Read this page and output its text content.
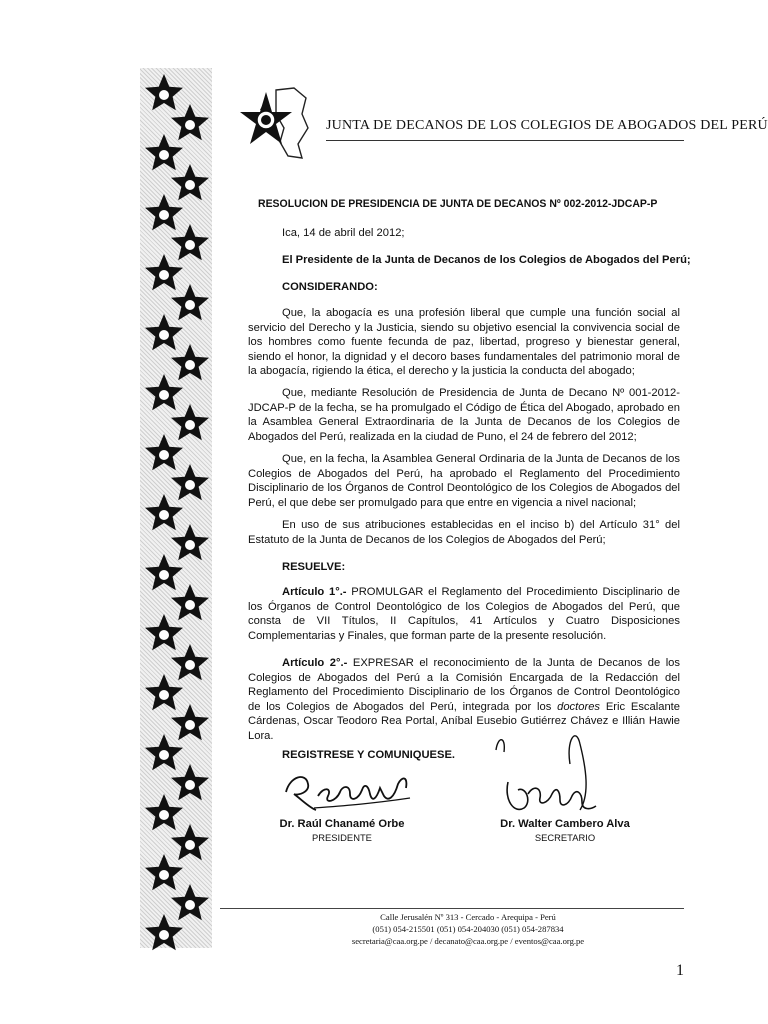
JUNTA DE DECANOS DE LOS COLEGIOS DE ABOGADOS DEL PERÚ
RESOLUCION DE PRESIDENCIA DE JUNTA DE DECANOS Nº 002-2012-JDCAP-P
Ica, 14 de abril del 2012;
El Presidente de la Junta de Decanos de los Colegios de Abogados del Perú;
CONSIDERANDO:
Que, la abogacía es una profesión liberal que cumple una función social al servicio del Derecho y la Justicia, siendo su objetivo esencial la convivencia social de los hombres como fuente fecunda de paz, libertad, progreso y bienestar general, siendo el honor, la dignidad y el decoro bases fundamentales del patrimonio moral de la abogacía, rigiendo la ética, el derecho y la justicia la conducta del abogado;
Que, mediante Resolución de Presidencia de Junta de Decano Nº 001-2012-JDCAP-P de la fecha, se ha promulgado el Código de Ética del Abogado, aprobado en la Asamblea General Extraordinaria de la Junta de Decanos de los Colegios de Abogados del Perú, realizada en la ciudad de Puno, el 24 de febrero del 2012;
Que, en la fecha, la Asamblea General Ordinaria de la Junta de Decanos de los Colegios de Abogados del Perú, ha aprobado el Reglamento del Procedimiento Disciplinario de los Órganos de Control Deontológico de los Colegios de Abogados del Perú, el que debe ser promulgado para que entre en vigencia a nivel nacional;
En uso de sus atribuciones establecidas en el inciso b) del Artículo 31° del Estatuto de la Junta de Decanos de los Colegios de Abogados del Perú;
RESUELVE:
Artículo 1°.- PROMULGAR el Reglamento del Procedimiento Disciplinario de los Órganos de Control Deontológico de los Colegios de Abogados del Perú, que consta de VII Títulos, II Capítulos, 41 Artículos y Cuatro Disposiciones Complementarias y Finales, que forman parte de la presente resolución.
Artículo 2°.- EXPRESAR el reconocimiento de la Junta de Decanos de los Colegios de Abogados del Perú a la Comisión Encargada de la Redacción del Reglamento del Procedimiento Disciplinario de los Órganos de Control Deontológico de los Colegios de Abogados del Perú, integrada por los doctores Eric Escalante Cárdenas, Oscar Teodoro Rea Portal, Aníbal Eusebio Gutiérrez Chávez e Illián Hawie Lora.
REGISTRESE Y COMUNIQUESE.
Dr. Raúl Chanamé Orbe
PRESIDENTE
Dr. Walter Cambero Alva
SECRETARIO
Calle Jerusalén Nº 313 - Cercado - Arequipa - Perú
(051) 054-215501 (051) 054-204030 (051) 054-287834
secretaria@caa.org.pe / decanato@caa.org.pe / eventos@caa.org.pe
1
